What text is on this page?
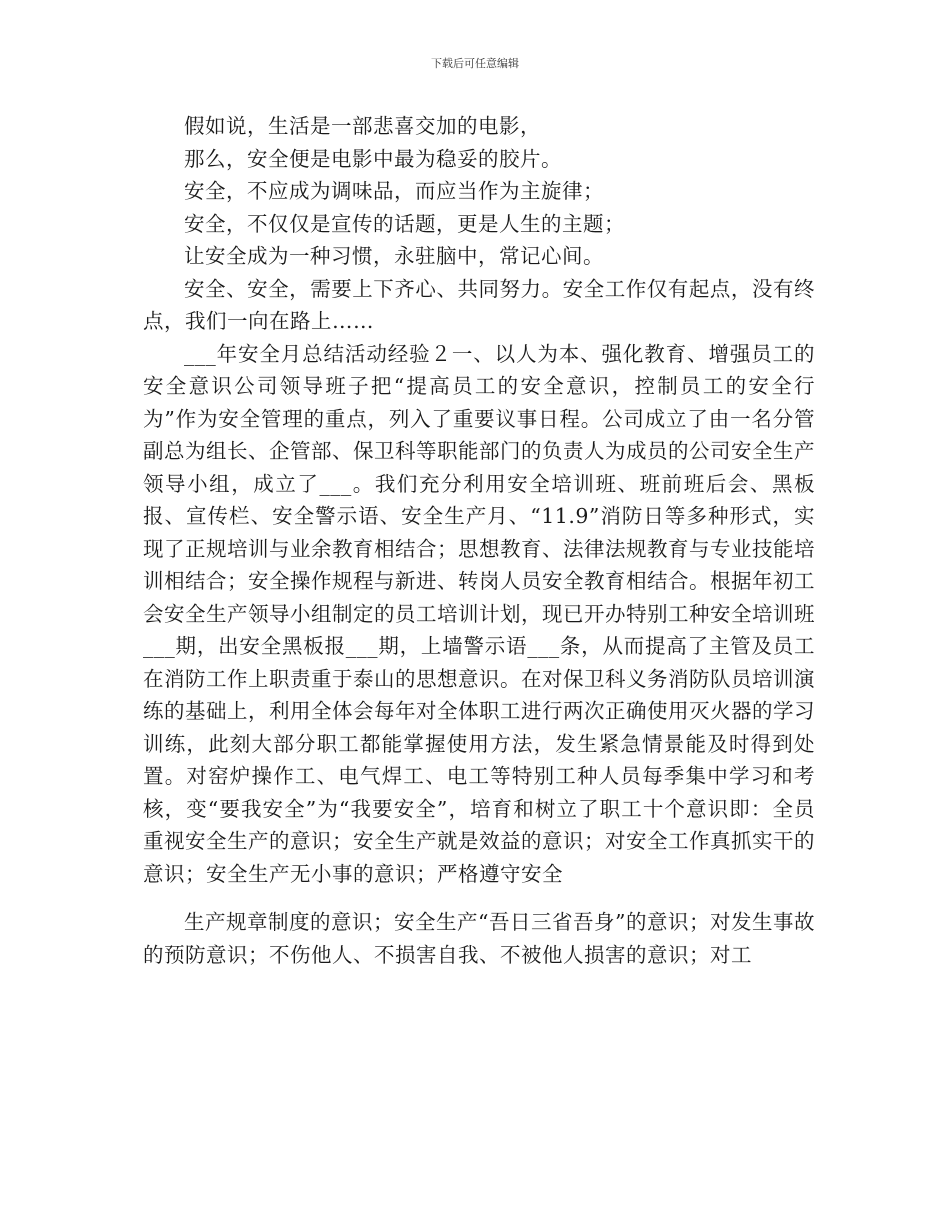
下载后可任意编辑

假如说，生活是一部悲喜交加的电影，

那么，安全便是电影中最为稳妥的胶片。

安全，不应成为调味品，而应当作为主旋律；

安全，不仅仅是宣传的话题，更是人生的主题；

让安全成为一种习惯，永驻脑中，常记心间。

安全、安全，需要上下齐心、共同努力。安全工作仅有起点，没有终点，我们一向在路上……

___年安全月总结活动经验２一、以人为本、强化教育、增强员工的安全意识公司领导班子把“提高员工的安全意识，控制员工的安全行为”作为安全管理的重点，列入了重要议事日程。公司成立了由一名分管副总为组长、企管部、保卫科等职能部门的负责人为成员的公司安全生产领导小组，成立了___。我们充分利用安全培训班、班前班后会、黑板报、宣传栏、安全警示语、安全生产月、“11.9”消防日等多种形式，实现了正规培训与业余教育相结合；思想教育、法律法规教育与专业技能培训相结合；安全操作规程与新进、转岗人员安全教育相结合。根据年初工会安全生产领导小组制定的员工培训计划，现已开办特别工种安全培训班___期，出安全黑板报___期，上墙警示语___条，从而提高了主管及员工在消防工作上职责重于泰山的思想意识。在对保卫科义务消防队员培训演练的基础上，利用全体会每年对全体职工进行两次正确使用灭火器的学习训练，此刻大部分职工都能掌握使用方法，发生紧急情景能及时得到处置。对窑炉操作工、电气焊工、电工等特别工种人员每季集中学习和考核，变“要我安全”为“我要安全”，培育和树立了职工十个意识即：全员重视安全生产的意识；安全生产就是效益的意识；对安全工作真抓实干的意识；安全生产无小事的意识；严格遵守安全

生产规章制度的意识；安全生产“吾日三省吾身”的意识；对发生事故的预防意识；不伤他人、不损害自我、不被他人损害的意识；对工
